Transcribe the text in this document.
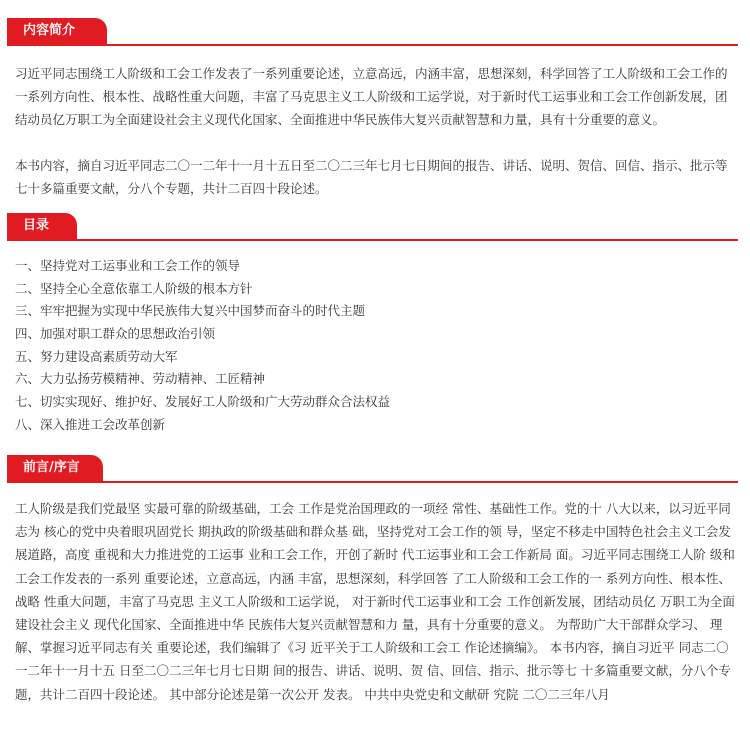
内容简介

习近平同志围绕工人阶级和工会工作发表了一系列重要论述，立意高远，内涵丰富，思想深刻，科学回答了工人阶级和工会工作的一系列方向性、根本性、战略性重大问题，丰富了马克思主义工人阶级和工运学说，对于新时代工运事业和工会工作创新发展，团结动员亿万职工为全面建设社会主义现代化国家、全面推进中华民族伟大复兴贡献智慧和力量，具有十分重要的意义。

本书内容，摘自习近平同志二〇一二年十一月十五日至二〇二三年七月七日期间的报告、讲话、说明、贺信、回信、指示、批示等七十多篇重要文献，分八个专题，共计二百四十段论述。

目录
一、坚持党对工运事业和工会工作的领导
二、坚持全心全意依靠工人阶级的根本方针
三、牢牢把握为实现中华民族伟大复兴中国梦而奋斗的时代主题
四、加强对职工群众的思想政治引领
五、努力建设高素质劳动大军
六、大力弘扬劳模精神、劳动精神、工匠精神
七、切实实现好、维护好、发展好工人阶级和广大劳动群众合法权益
八、深入推进工会改革创新
前言/序言

工人阶级是我们党最坚 实最可靠的阶级基础，工会 工作是党治国理政的一项经 常性、基础性工作。党的十 八大以来，以习近平同志为 核心的党中央着眼巩固党长 期执政的阶级基础和群众基 础，坚持党对工会工作的领 导，坚定不移走中国特色社会主义工会发展道路，高度 重视和大力推进党的工运事 业和工会工作，开创了新时 代工运事业和工会工作新局 面。习近平同志围绕工人阶 级和工会工作发表的一系列 重要论述，立意高远，内涵 丰富，思想深刻，科学回答 了工人阶级和工会工作的一 系列方向性、根本性、战略 性重大问题，丰富了马克思 主义工人阶级和工运学说， 对于新时代工运事业和工会 工作创新发展，团结动员亿 万职工为全面建设社会主义 现代化国家、全面推进中华 民族伟大复兴贡献智慧和力 量，具有十分重要的意义。 为帮助广大干部群众学习、 理解、掌握习近平同志有关 重要论述，我们编辑了《习 近平关于工人阶级和工会工 作论述摘编》。 本书内容，摘自习近平 同志二〇一二年十一月十五 日至二〇二三年七月七日期 间的报告、讲话、说明、贺 信、回信、指示、批示等七 十多篇重要文献，分八个专 题，共计二百四十段论述。 其中部分论述是第一次公开 发表。 中共中央党史和文献研 究院 二〇二三年八月
